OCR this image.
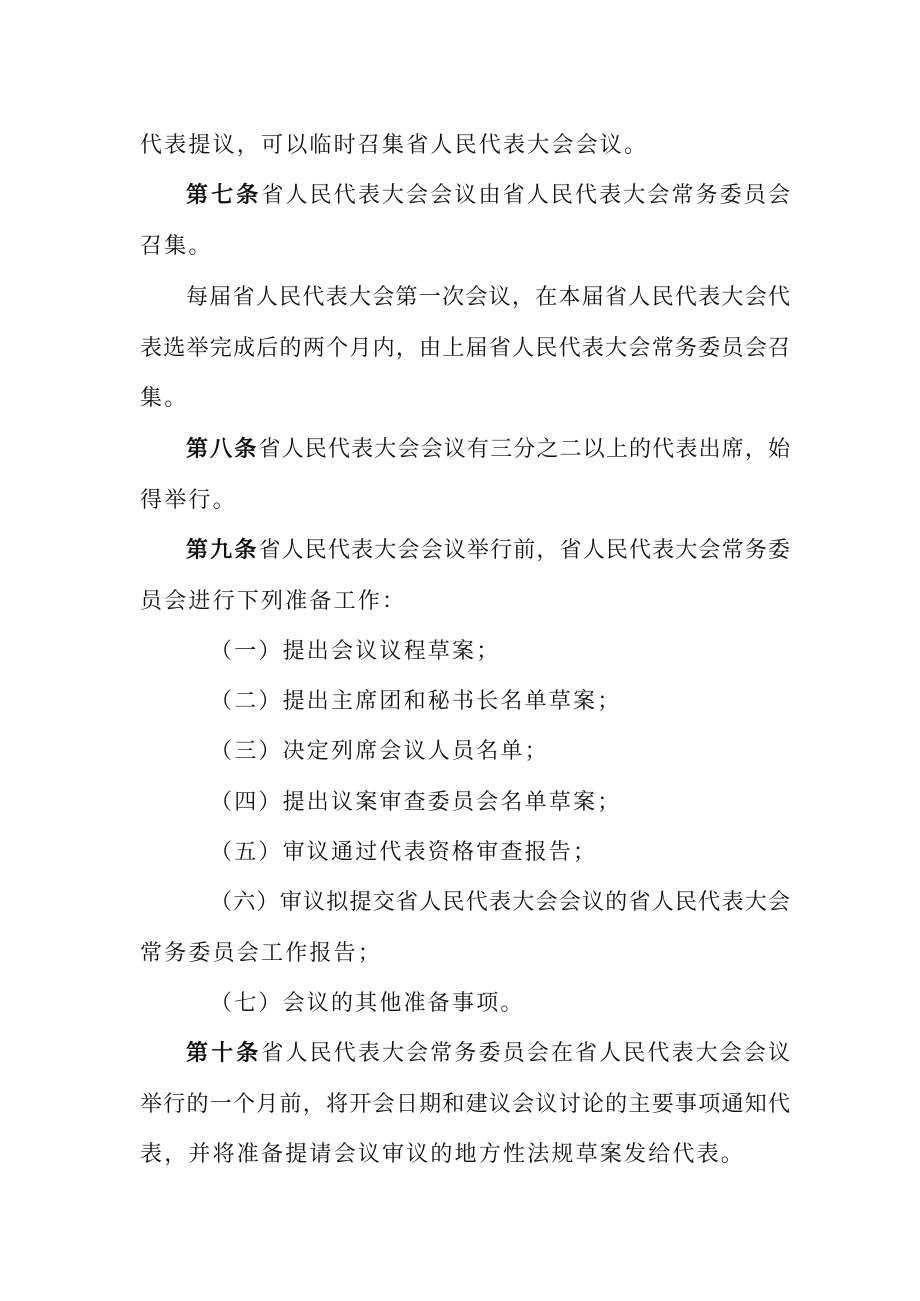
代表提议，可以临时召集省人民代表大会会议。
第七条省人民代表大会会议由省人民代表大会常务委员会
召集。
每届省人民代表大会第一次会议，在本届省人民代表大会代
表选举完成后的两个月内，由上届省人民代表大会常务委员会召
集。
第八条省人民代表大会会议有三分之二以上的代表出席，始
得举行。
第九条省人民代表大会会议举行前，省人民代表大会常务委
员会进行下列准备工作：
（一）提出会议议程草案；
（二）提出主席团和秘书长名单草案；
（三）决定列席会议人员名单；
（四）提出议案审查委员会名单草案；
（五）审议通过代表资格审查报告；
（六）审议拟提交省人民代表大会会议的省人民代表大会
常务委员会工作报告；
（七）会议的其他准备事项。
第十条省人民代表大会常务委员会在省人民代表大会会议
举行的一个月前，将开会日期和建议会议讨论的主要事项通知代
表，并将准备提请会议审议的地方性法规草案发给代表。
